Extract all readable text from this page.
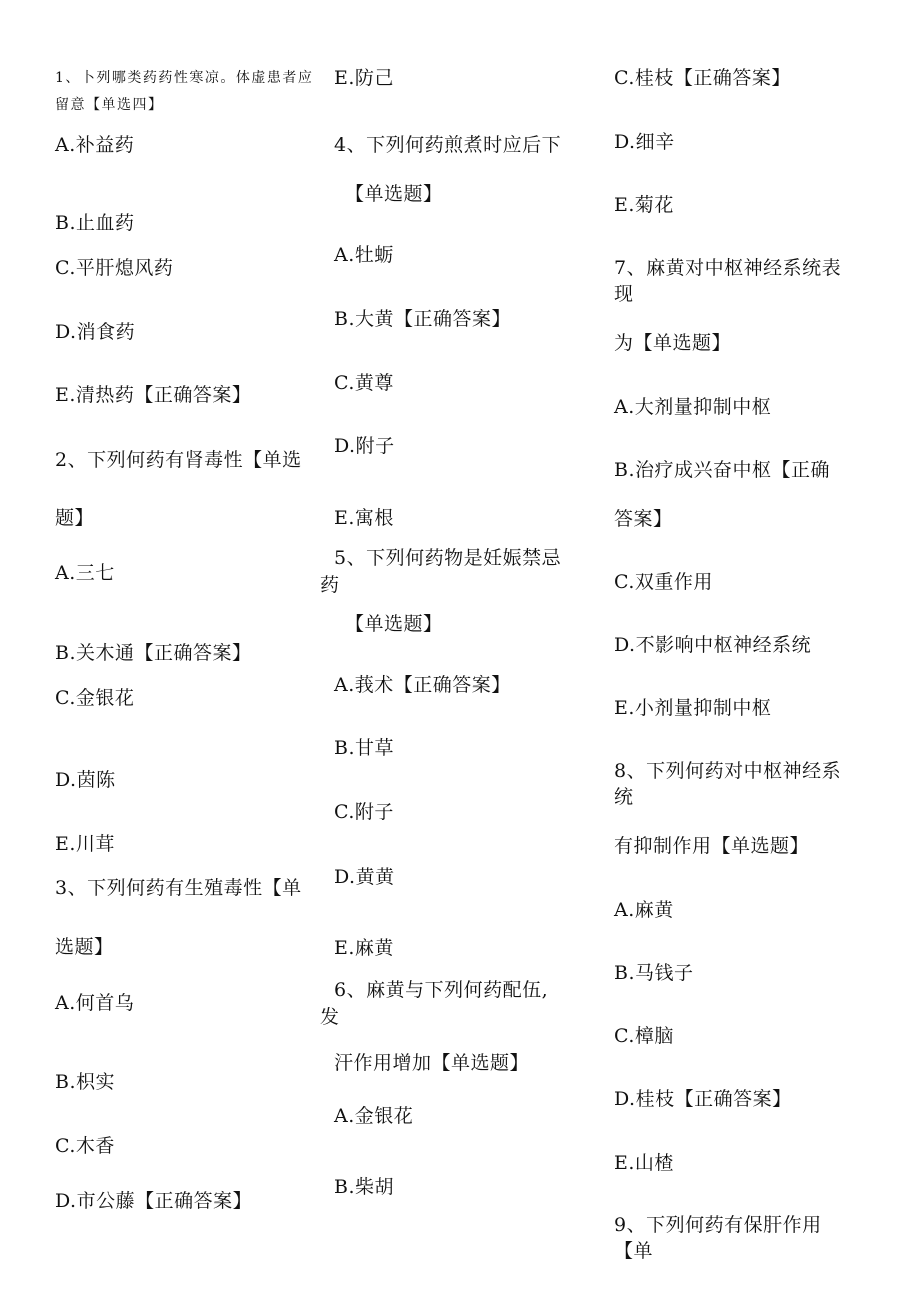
1、卜列哪类药药性寒凉。体虚患者应
留意【单选四】
A.补益药
B.止血药
C.平肝熄风药
D.消食药
E.清热药【正确答案】
2、下列何药有肾毒性【单选
题】
A.三七
B.关木通【正确答案】
C.金银花
D.茵陈
E.川茸
3、下列何药有生殖毒性【单
选题】
A.何首乌
B.枳实
C.木香
D.市公藤【正确答案】
E.防己
4、下列何药煎煮时应后下
【单选题】
A.牡蛎
B.大黄【正确答案】
C.黄尊
D.附子
E.寓根
5、下列何药物是妊娠禁忌
药
【单选题】
A.莪术【正确答案】
B.甘草
C.附子
D.黄黄
E.麻黄
6、麻黄与下列何药配伍,
发
汗作用增加【单选题】
A.金银花
B.柴胡
C.桂枝【正确答案】
D.细辛
E.菊花
7、麻黄对中枢神经系统表
现
为【单选题】
A.大剂量抑制中枢
B.治疗成兴奋中枢【正确
答案】
C.双重作用
D.不影响中枢神经系统
E.小剂量抑制中枢
8、下列何药对中枢神经系
统
有抑制作用【单选题】
A.麻黄
B.马钱子
C.樟脑
D.桂枝【正确答案】
E.山楂
9、下列何药有保肝作用
【单
